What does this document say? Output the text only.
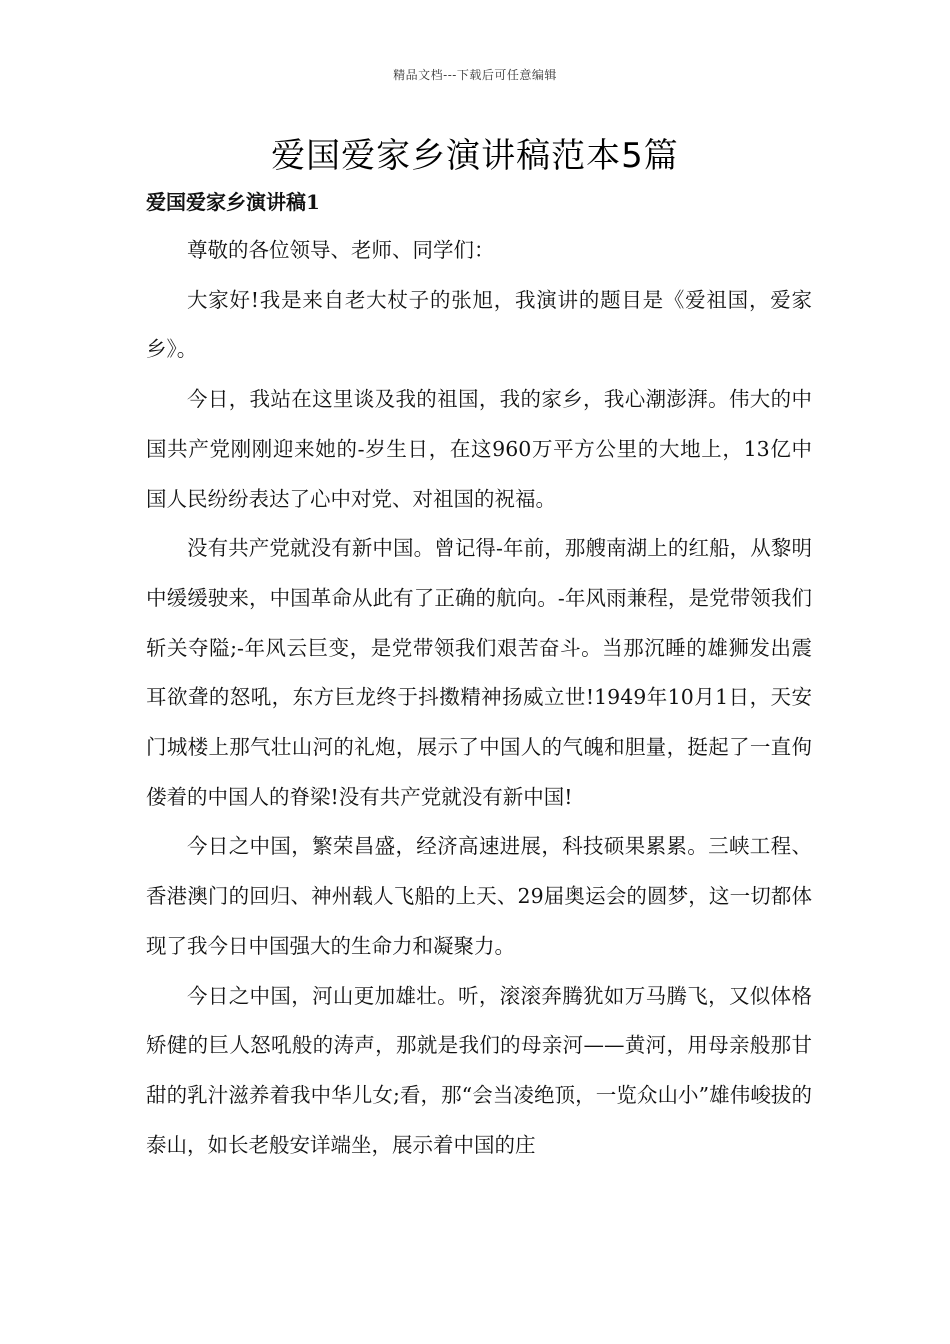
精品文档---下载后可任意编辑
爱国爱家乡演讲稿范本5篇
爱国爱家乡演讲稿1

尊敬的各位领导、老师、同学们：

大家好!我是来自老大杖子的张旭，我演讲的题目是《爱祖国，爱家乡》。

今日，我站在这里谈及我的祖国，我的家乡，我心潮澎湃。伟大的中国共产党刚刚迎来她的-岁生日，在这960万平方公里的大地上，13亿中国人民纷纷表达了心中对党、对祖国的祝福。

没有共产党就没有新中国。曾记得-年前，那艘南湖上的红船，从黎明中缓缓驶来，中国革命从此有了正确的航向。-年风雨兼程，是党带领我们斩关夺隘;-年风云巨变，是党带领我们艰苦奋斗。当那沉睡的雄狮发出震耳欲聋的怒吼，东方巨龙终于抖擞精神扬威立世!1949年10月1日，天安门城楼上那气壮山河的礼炮，展示了中国人的气魄和胆量，挺起了一直佝偻着的中国人的脊梁!没有共产党就没有新中国!

今日之中国，繁荣昌盛，经济高速进展，科技硕果累累。三峡工程、香港澳门的回归、神州载人飞船的上天、29届奥运会的圆梦，这一切都体现了我今日中国强大的生命力和凝聚力。

今日之中国，河山更加雄壮。听，滚滚奔腾犹如万马腾飞，又似体格矫健的巨人怒吼般的涛声，那就是我们的母亲河——黄河，用母亲般那甘甜的乳汁滋养着我中华儿女;看，那“会当凌绝顶，一览众山小”雄伟峻拔的泰山，如长老般安详端坐，展示着中国的庄
